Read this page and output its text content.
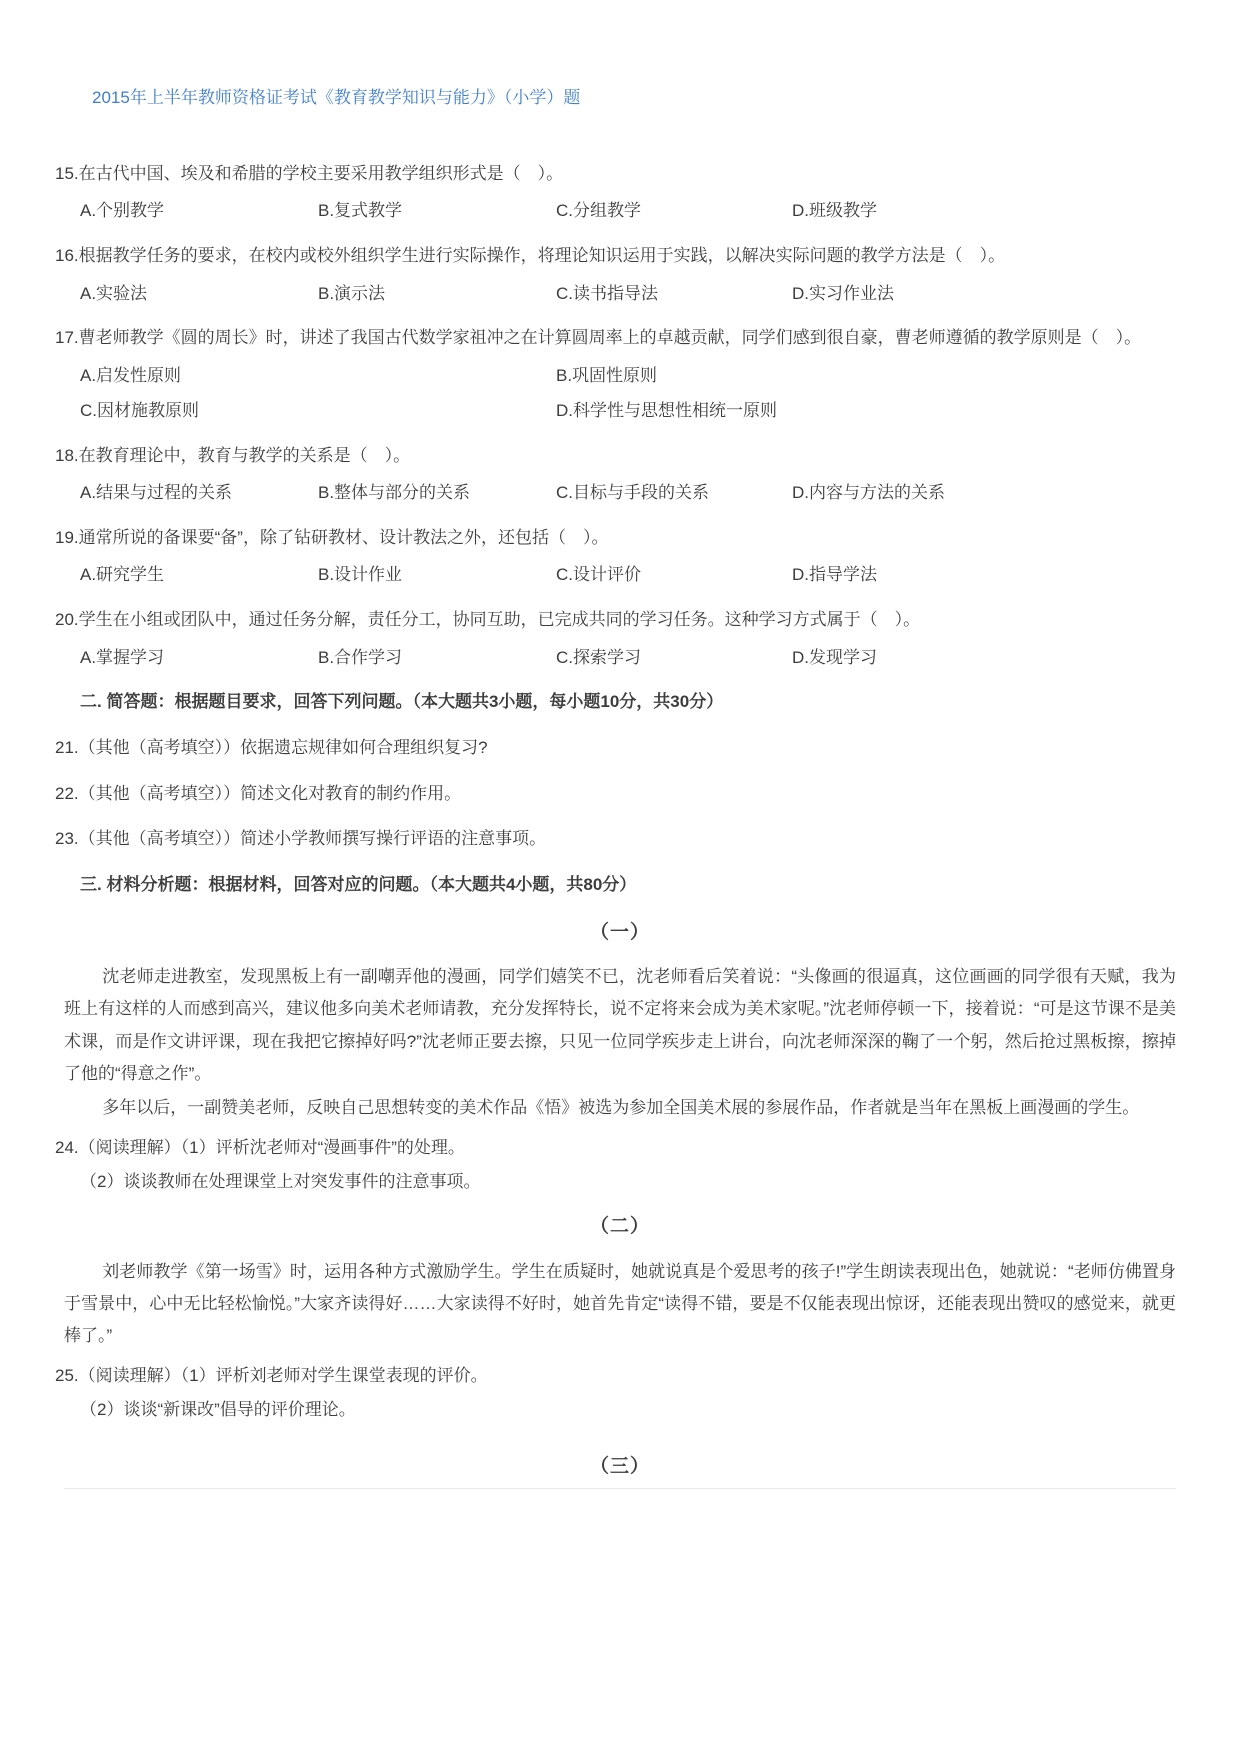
2015年上半年教师资格证考试《教育教学知识与能力》（小学）题

15.在古代中国、埃及和希腊的学校主要采用教学组织形式是（　）。

A.个别教学	B.复式教学	C.分组教学	D.班级教学

16.根据教学任务的要求，在校内或校外组织学生进行实际操作，将理论知识运用于实践，以解决实际问题的教学方法是（　）。

A.实验法	B.演示法	C.读书指导法	D.实习作业法

17.曹老师教学《圆的周长》时，讲述了我国古代数学家祖冲之在计算圆周率上的卓越贡献，同学们感到很自豪，曹老师遵循的教学原则是（　）。

A.启发性原则	B.巩固性原则
C.因材施教原则	D.科学性与思想性相统一原则

18.在教育理论中，教育与教学的关系是（　）。

A.结果与过程的关系	B.整体与部分的关系	C.目标与手段的关系	D.内容与方法的关系

19.通常所说的备课要“备”，除了钻研教材、设计教法之外，还包括（　）。

A.研究学生	B.设计作业	C.设计评价	D.指导学法

20.学生在小组或团队中，通过任务分解，责任分工，协同互助，已完成共同的学习任务。这种学习方式属于（　）。

A.掌握学习	B.合作学习	C.探索学习	D.发现学习

二. 简答题：根据题目要求，回答下列问题。（本大题共3小题，每小题10分，共30分）

21.（其他（高考填空））依据遗忘规律如何合理组织复习?

22.（其他（高考填空））简述文化对教育的制约作用。

23.（其他（高考填空））简述小学教师撰写操行评语的注意事项。

三. 材料分析题：根据材料，回答对应的问题。（本大题共4小题，共80分）

（一）

沈老师走进教室，发现黑板上有一副嘲弄他的漫画，同学们嬉笑不已，沈老师看后笑着说：“头像画的很逼真，这位画画的同学很有天赋，我为班上有这样的人而感到高兴，建议他多向美术老师请教，充分发挥特长，说不定将来会成为美术家呢。”沈老师停顿一下，接着说：“可是这节课不是美术课，而是作文讲评课，现在我把它擦掉好吗?”沈老师正要去擦，只见一位同学疾步走上讲台，向沈老师深深的鞠了一个躬，然后抢过黑板擦，擦掉了他的“得意之作”。

多年以后，一副赞美老师，反映自己思想转变的美术作品《悟》被选为参加全国美术展的参展作品，作者就是当年在黑板上画漫画的学生。

24.（阅读理解）（1）评析沈老师对“漫画事件”的处理。

（2）谈谈教师在处理课堂上对突发事件的注意事项。

（二）

刘老师教学《第一场雪》时，运用各种方式激励学生。学生在质疑时，她就说真是个爱思考的孩子!”学生朗读表现出色，她就说：“老师仿佛置身于雪景中，心中无比轻松愉悦。”大家齐读得好……大家读得不好时，她首先肯定“读得不错，要是不仅能表现出惊讶，还能表现出赞叹的感觉来，就更棒了。”

25.（阅读理解）（1）评析刘老师对学生课堂表现的评价。

（2）谈谈“新课改”倡导的评价理论。

（三）
